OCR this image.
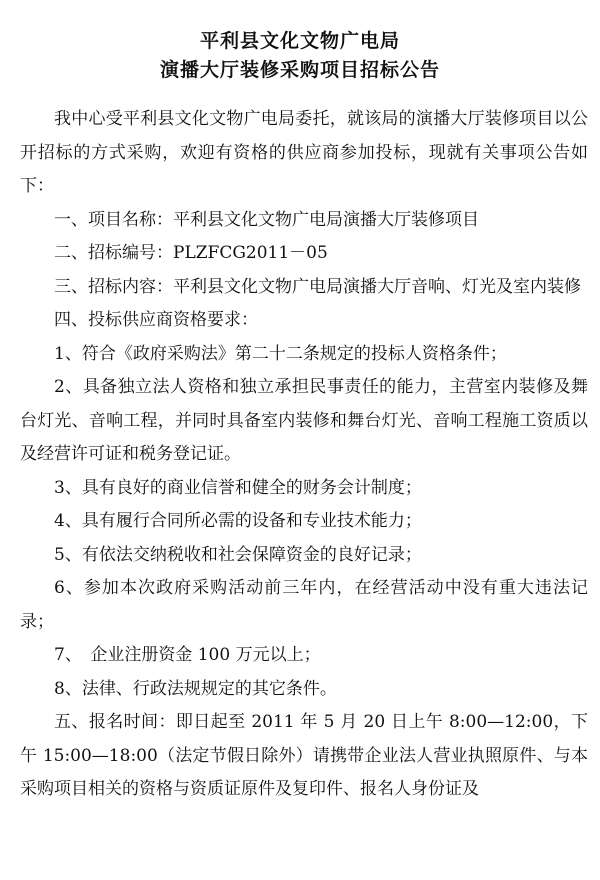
平利县文化文物广电局
演播大厅装修采购项目招标公告

我中心受平利县文化文物广电局委托，就该局的演播大厅装修项目以公开招标的方式采购，欢迎有资格的供应商参加投标，现就有关事项公告如下：

一、项目名称：平利县文化文物广电局演播大厅装修项目

二、招标编号：PLZFCG2011－05

三、招标内容：平利县文化文物广电局演播大厅音响、灯光及室内装修

四、投标供应商资格要求：

1、符合《政府采购法》第二十二条规定的投标人资格条件；

2、具备独立法人资格和独立承担民事责任的能力，主营室内装修及舞台灯光、音响工程，并同时具备室内装修和舞台灯光、音响工程施工资质以及经营许可证和税务登记证。

3、具有良好的商业信誉和健全的财务会计制度；

4、具有履行合同所必需的设备和专业技术能力；

5、有依法交纳税收和社会保障资金的良好记录；

6、参加本次政府采购活动前三年内，在经营活动中没有重大违法记录；

7、　企业注册资金 100 万元以上；

8、法律、行政法规规定的其它条件。

五、报名时间：即日起至 2011 年 5 月 20 日上午 8:00—12:00，下午 15:00—18:00（法定节假日除外）请携带企业法人营业执照原件、与本采购项目相关的资格与资质证原件及复印件、报名人身份证及
